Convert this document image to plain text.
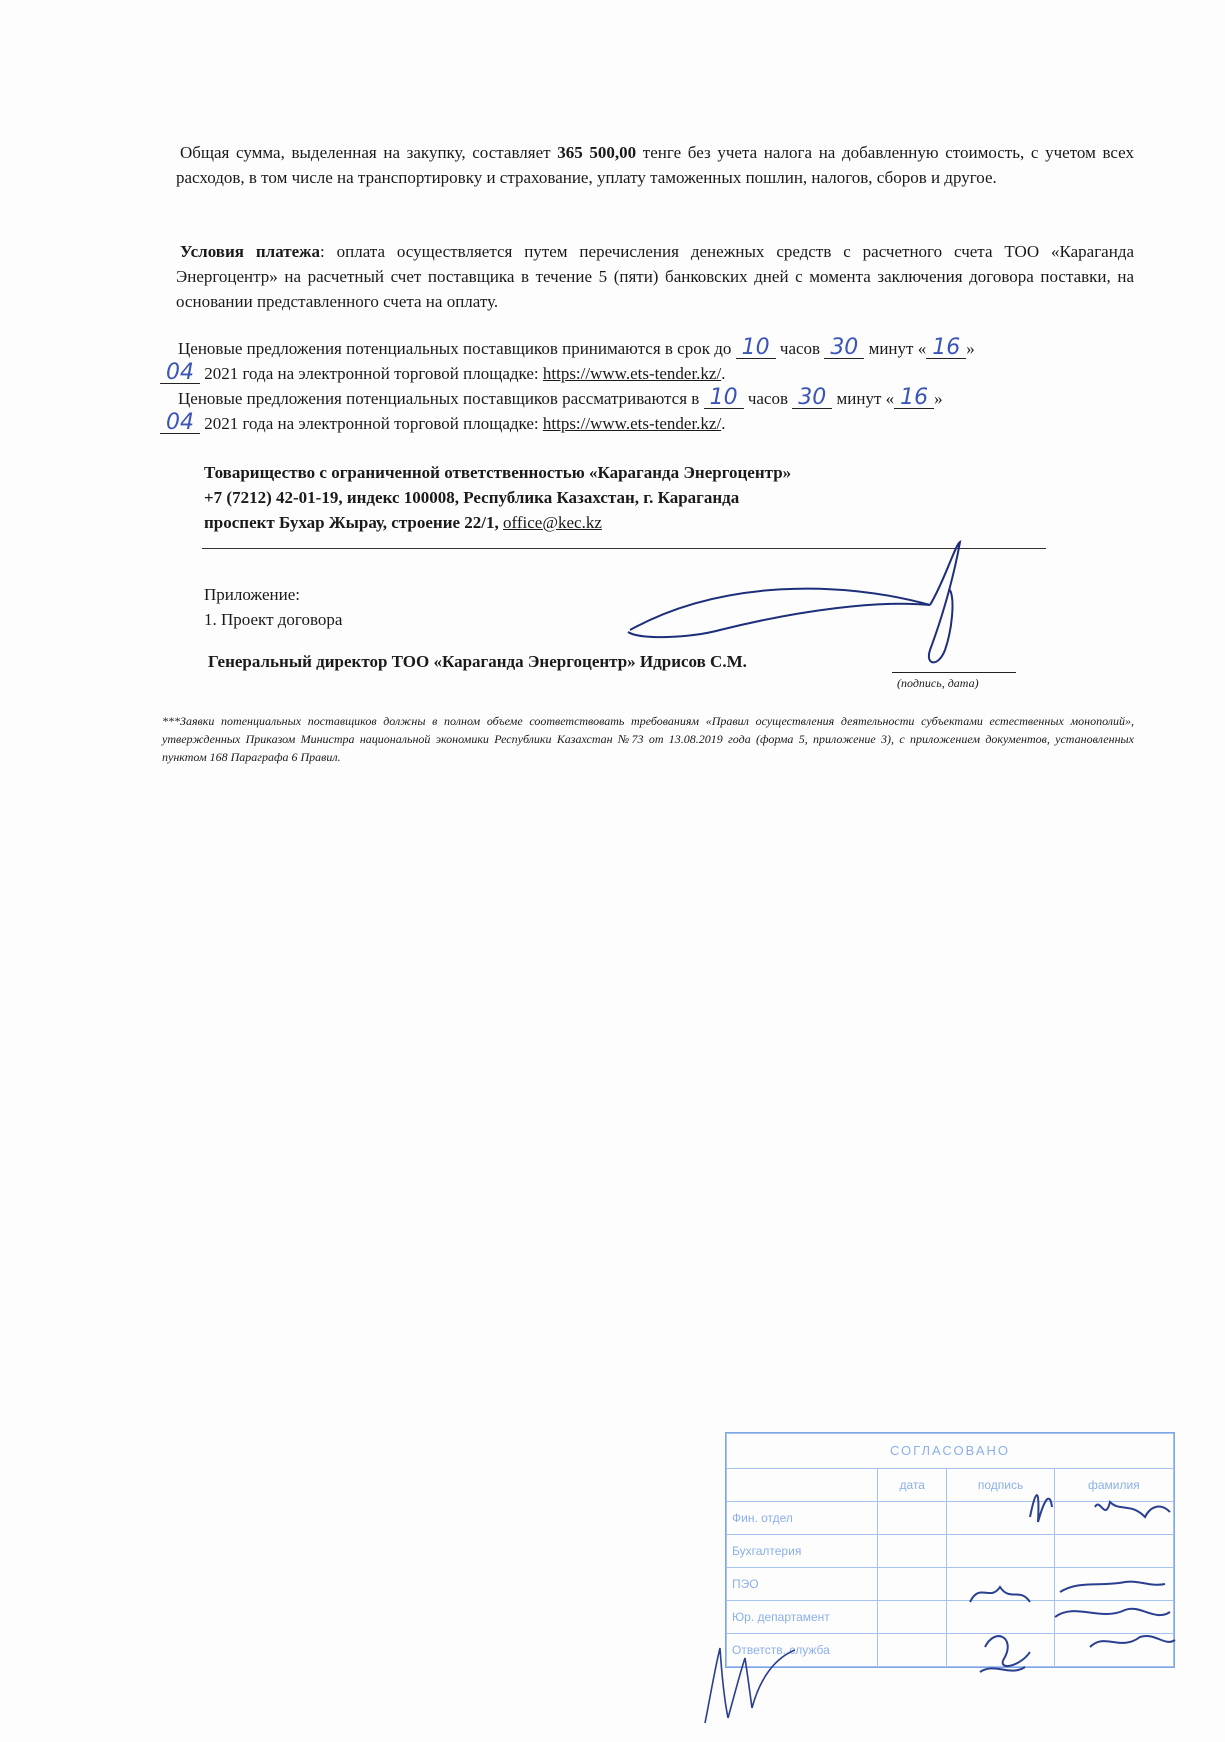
Общая сумма, выделенная на закупку, составляет 365 500,00 тенге без учета налога на добавленную стоимость, с учетом всех расходов, в том числе на транспортировку и страхование, уплату таможенных пошлин, налогов, сборов и другое.
Условия платежа: оплата осуществляется путем перечисления денежных средств с расчетного счета ТОО «Караганда Энергоцентр» на расчетный счет поставщика в течение 5 (пяти) банковских дней с момента заключения договора поставки, на основании представленного счета на оплату.
Ценовые предложения потенциальных поставщиков принимаются в срок до 10 часов 30 минут « 16 »
04 2021 года на электронной торговой площадке: https://www.ets-tender.kz/.
Ценовые предложения потенциальных поставщиков рассматриваются в 10 часов 30 минут « 16 »
04 2021 года на электронной торговой площадке: https://www.ets-tender.kz/.
Товарищество с ограниченной ответственностью «Караганда Энергоцентр»
+7 (7212) 42-01-19, индекс 100008, Республика Казахстан, г. Караганда
проспект Бухар Жырау, строение 22/1, office@kec.kz
Приложение:
1. Проект договора
Генеральный директор ТОО «Караганда Энергоцентр» Идрисов С.М.
(подпись, дата)
***Заявки потенциальных поставщиков должны в полном объеме соответствовать требованиям «Правил осуществления деятельности субъектами естественных монополий», утвержденных Приказом Министра национальной экономики Республики Казахстан №73 от 13.08.2019 года (форма 5, приложение 3), с приложением документов, установленных пунктом 168 Параграфа 6 Правил.
СОГЛАСОВАНО			
	дата	подпись	фамилия
Фин. отдел			
Бухгалтерия			
ПЭО			
Юр. департамент			
Ответств. служба			
